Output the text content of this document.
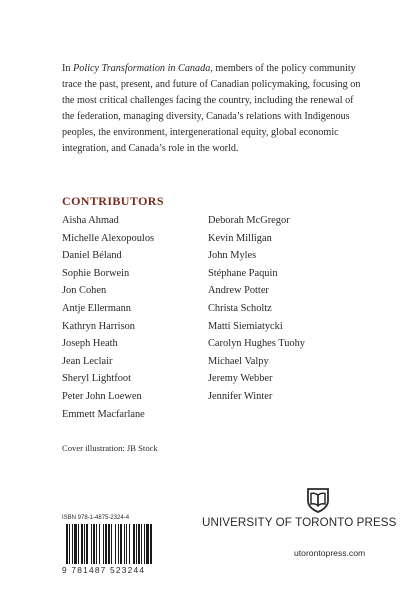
In Policy Transformation in Canada, members of the policy community trace the past, present, and future of Canadian policymaking, focusing on the most critical challenges facing the country, including the renewal of the federation, managing diversity, Canada’s relations with Indigenous peoples, the environment, intergenerational equity, global economic integration, and Canada’s role in the world.

CONTRIBUTORS
Aisha Ahmad
Michelle Alexopoulos
Daniel Béland
Sophie Borwein
Jon Cohen
Antje Ellermann
Kathryn Harrison
Joseph Heath
Jean Leclair
Sheryl Lightfoot
Peter John Loewen
Emmett Macfarlane
Deborah McGregor
Kevin Milligan
John Myles
Stéphane Paquin
Andrew Potter
Christa Scholtz
Matti Siemiatycki
Carolyn Hughes Tuohy
Michael Valpy
Jeremy Webber
Jennifer Winter

Cover illustration: JB Stock

ISBN 978-1-4875-2324-4
9 781487 523244

UNIVERSITY OF TORONTO PRESS

utorontopress.com
